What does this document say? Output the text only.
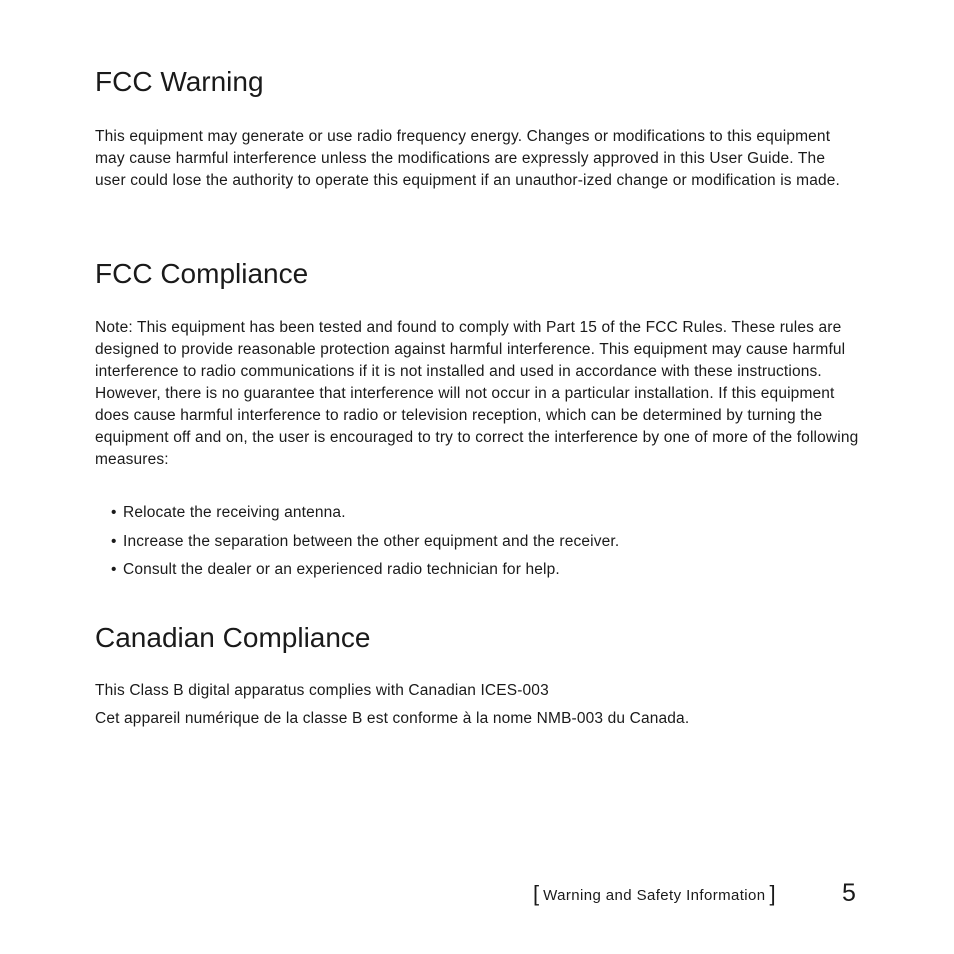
FCC Warning

This equipment may generate or use radio frequency energy. Changes or modifications to this equipment may cause harmful interference unless the modifications are expressly approved in this User Guide. The user could lose the authority to operate this equipment if an unauthor-ized change or modification is made.

FCC Compliance

Note: This equipment has been tested and found to comply with Part 15 of the FCC Rules. These rules are designed to provide reasonable protection against harmful interference. This equipment may cause harmful interference to radio communications if it is not installed and used in accordance with these instructions. However, there is no guarantee that interference will not occur in a particular installation. If this equipment does cause harmful interference to radio or television reception, which can be determined by turning the equipment off and on, the user is encouraged to try to correct the interference by one of more of the following measures:

• Relocate the receiving antenna.
• Increase the separation between the other equipment and the receiver.
• Consult the dealer or an experienced radio technician for help.
Canadian Compliance

This Class B digital apparatus complies with Canadian ICES-003

Cet appareil numérique de la classe B est conforme à la nome NMB-003 du Canada.

[ Warning and Safety Information ]	5
